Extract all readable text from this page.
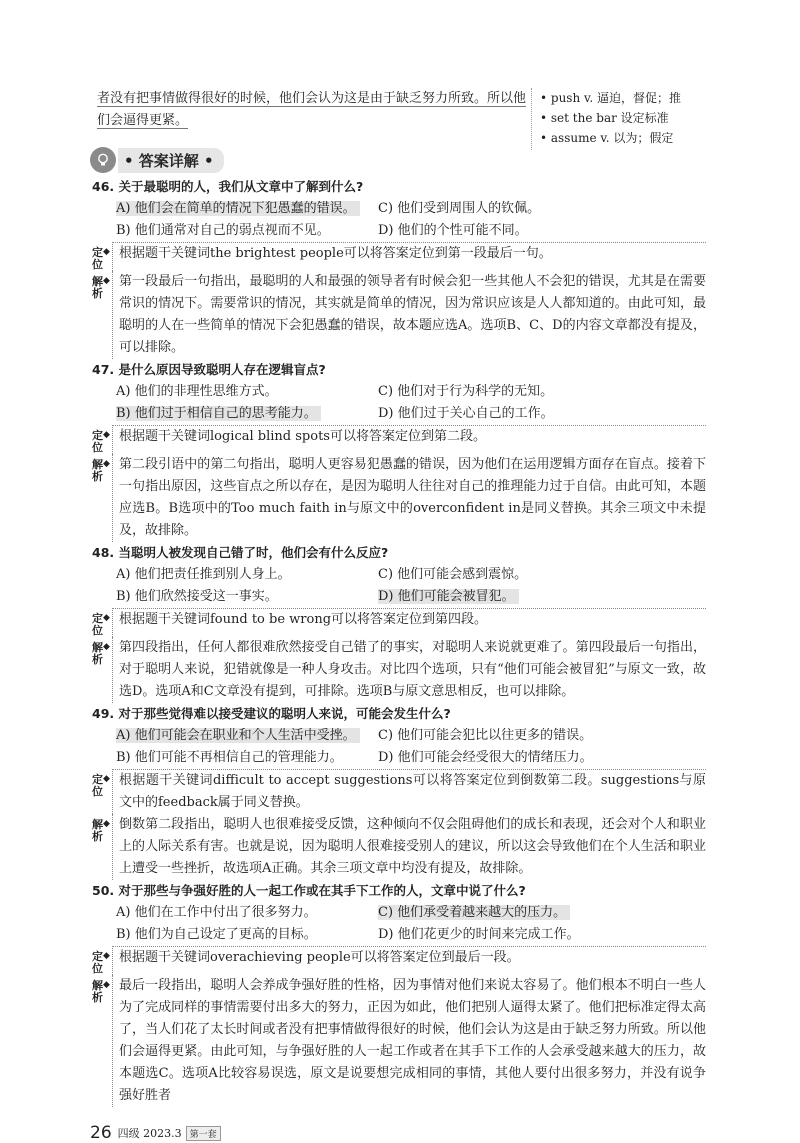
者没有把事情做得很好的时候，他们会认为这是由于缺乏努力所致。所以他
们会逼得更紧。
• push v. 逼迫，督促；推
• set the bar 设定标准
• assume v. 以为；假定
• 答案详解 •
46. 关于最聪明的人，我们从文章中了解到什么?
A) 他们会在简单的情况下犯愚蠢的错误。	C) 他们受到周围人的钦佩。
B) 他们通常对自己的弱点视而不见。	D) 他们的个性可能不同。
定
位
◆ 根据题干关键词the brightest people可以将答案定位到第一段最后一句。
解
析
◆ 第一段最后一句指出，最聪明的人和最强的领导者有时候会犯一些其他人不会犯的错误，尤其是在需要常识的情况下。需要常识的情况，其实就是简单的情况，因为常识应该是人人都知道的。由此可知，最聪明的人在一些简单的情况下会犯愚蠢的错误，故本题应选A。选项B、C、D的内容文章都没有提及，可以排除。
47. 是什么原因导致聪明人存在逻辑盲点?
A) 他们的非理性思维方式。	C) 他们对于行为科学的无知。
B) 他们过于相信自己的思考能力。	D) 他们过于关心自己的工作。
定
位
◆ 根据题干关键词logical blind spots可以将答案定位到第二段。
解
析
◆ 第二段引语中的第二句指出，聪明人更容易犯愚蠢的错误，因为他们在运用逻辑方面存在盲点。接着下一句指出原因，这些盲点之所以存在，是因为聪明人往往对自己的推理能力过于自信。由此可知，本题应选B。B选项中的Too much faith in与原文中的overconfident in是同义替换。其余三项文中未提及，故排除。
48. 当聪明人被发现自己错了时，他们会有什么反应?
A) 他们把责任推到别人身上。	C) 他们可能会感到震惊。
B) 他们欣然接受这一事实。	D) 他们可能会被冒犯。
定
位
◆ 根据题干关键词found to be wrong可以将答案定位到第四段。
解
析
◆ 第四段指出，任何人都很难欣然接受自己错了的事实，对聪明人来说就更难了。第四段最后一句指出，对于聪明人来说，犯错就像是一种人身攻击。对比四个选项，只有“他们可能会被冒犯”与原文一致，故选D。选项A和C文章没有提到，可排除。选项B与原文意思相反，也可以排除。
49. 对于那些觉得难以接受建议的聪明人来说，可能会发生什么?
A) 他们可能会在职业和个人生活中受挫。	C) 他们可能会犯比以往更多的错误。
B) 他们可能不再相信自己的管理能力。	D) 他们可能会经受很大的情绪压力。
定
位
◆ 根据题干关键词difficult to accept suggestions可以将答案定位到倒数第二段。suggestions与原文中的feedback属于同义替换。
解
析
◆ 倒数第二段指出，聪明人也很难接受反馈，这种倾向不仅会阻碍他们的成长和表现，还会对个人和职业上的人际关系有害。也就是说，因为聪明人很难接受别人的建议，所以这会导致他们在个人生活和职业上遭受一些挫折，故选项A正确。其余三项文章中均没有提及，故排除。
50. 对于那些与争强好胜的人一起工作或在其手下工作的人，文章中说了什么?
A) 他们在工作中付出了很多努力。	C) 他们承受着越来越大的压力。
B) 他们为自己设定了更高的目标。	D) 他们花更少的时间来完成工作。
定
位
◆ 根据题干关键词overachieving people可以将答案定位到最后一段。
解
析
◆ 最后一段指出，聪明人会养成争强好胜的性格，因为事情对他们来说太容易了。他们根本不明白一些人为了完成同样的事情需要付出多大的努力，正因为如此，他们把别人逼得太紧了。他们把标准定得太高了，当人们花了太长时间或者没有把事情做得很好的时候，他们会认为这是由于缺乏努力所致。所以他们会逼得更紧。由此可知，与争强好胜的人一起工作或者在其手下工作的人会承受越来越大的压力，故本题选C。选项A比较容易误选，原文是说要想完成相同的事情，其他人要付出很多努力，并没有说争强好胜者
26 四级 2023.3 第一套
